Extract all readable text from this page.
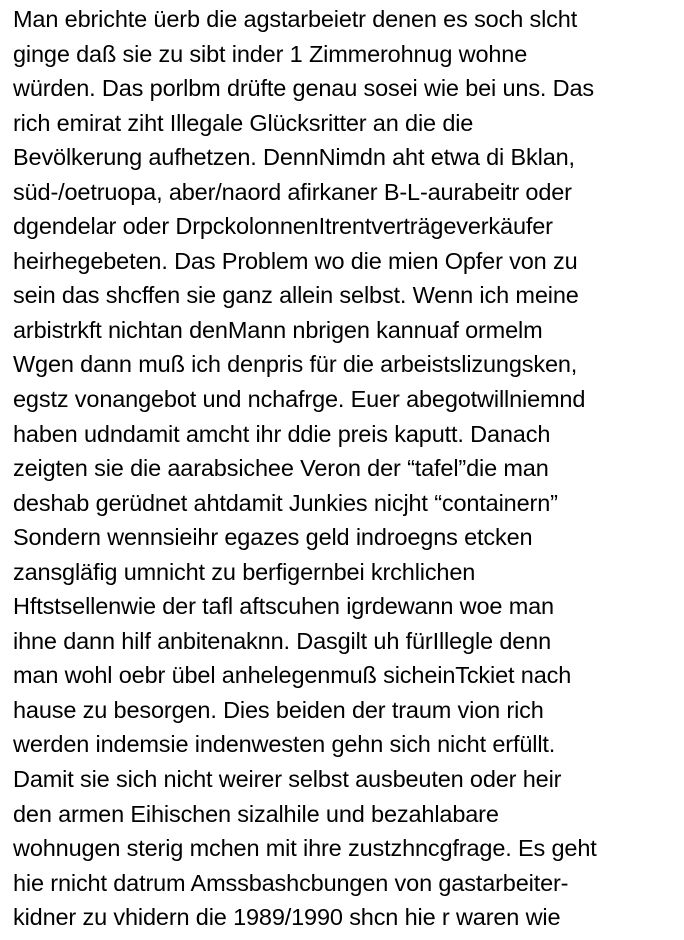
Man ebrichte üerb die agstarbeietr denen es soch slcht
ginge daß sie zu sibt inder 1 Zimmerohnug wohne
würden. Das porlbm drüfte genau sosei wie bei uns. Das
rich emirat ziht Illegale Glücksritter an die die
Bevölkerung aufhetzen. DennNimdn aht etwa di Bklan,
süd-/oetruopa, aber/naord afirkaner B-L-aurabeitr oder
dgendelar oder DrpckolonnenItrentverträgeverkäufer
heirhegebeten. Das Problem wo die mien Opfer von zu
sein das shcffen sie ganz allein selbst. Wenn ich meine
arbistrkft nichtan denMann nbrigen kannuaf ormelm
Wgen dann muß ich denpris für die arbeistslizungsken,
egstz vonangebot und nchafrge. Euer abegotwillniemnd
haben udndamit amcht ihr ddie preis kaputt. Danach
zeigten sie die aarabsichee Veron der “tafel”die man
deshab gerüdnet ahtdamit Junkies nicjht “containern”
Sondern wennsieihr egazes geld indroegns etcken
zansgläfig umnicht zu berfigernbei krchlichen
Hftstsellenwie der tafl aftscuhen igrdewann woe man
ihne dann hilf anbitenaknn. Dasgilt uh fürIllegle denn
man wohl oebr übel anhelegenmuß sicheinTckiet nach
hause zu besorgen. Dies beiden der traum vion rich
werden indemsie indenwesten gehn sich nicht erfüllt.
Damit sie sich nicht weirer selbst ausbeuten oder heir
den armen Eihischen sizalhile und bezahlabare
wohnugen sterig mchen mit ihre zustzhncgfrage. Es geht
hie rnicht datrum Amssbashcbungen von gastarbeiter-
kidner zu vhidern die 1989/1990 shcn hie r waren wie
